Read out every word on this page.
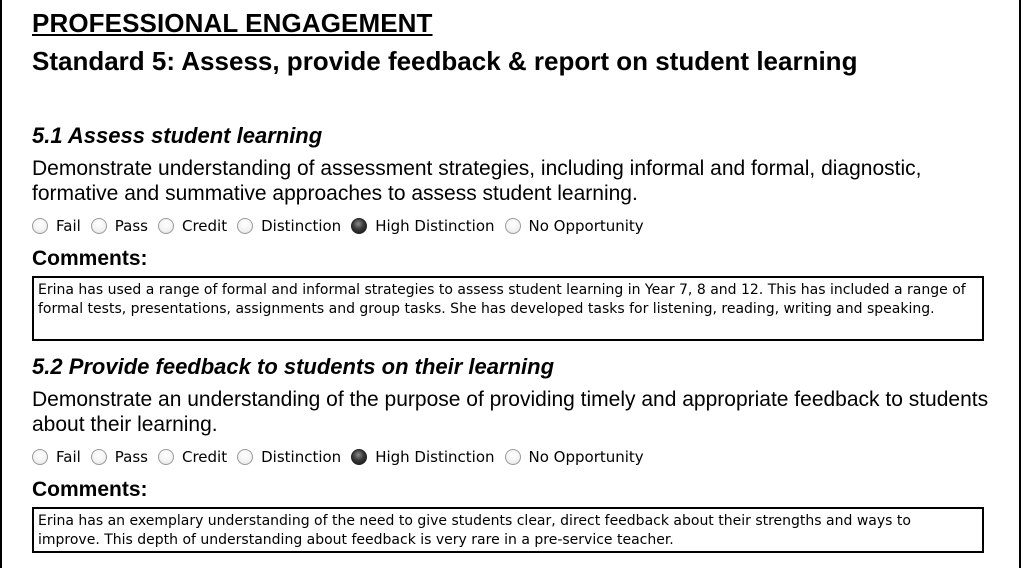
PROFESSIONAL ENGAGEMENT
Standard 5: Assess, provide feedback & report on student learning
5.1 Assess student learning

Demonstrate understanding of assessment strategies, including informal and formal, diagnostic, formative and summative approaches to assess student learning.

Fail Pass Credit Distinction High Distinction No Opportunity
Comments:
Erina has used a range of formal and informal strategies to assess student learning in Year 7, 8 and 12. This has included a range of formal tests, presentations, assignments and group tasks. She has developed tasks for listening, reading, writing and speaking.
5.2 Provide feedback to students on their learning

Demonstrate an understanding of the purpose of providing timely and appropriate feedback to students about their learning.

Fail Pass Credit Distinction High Distinction No Opportunity
Comments:
Erina has an exemplary understanding of the need to give students clear, direct feedback about their strengths and ways to improve. This depth of understanding about feedback is very rare in a pre-service teacher.
